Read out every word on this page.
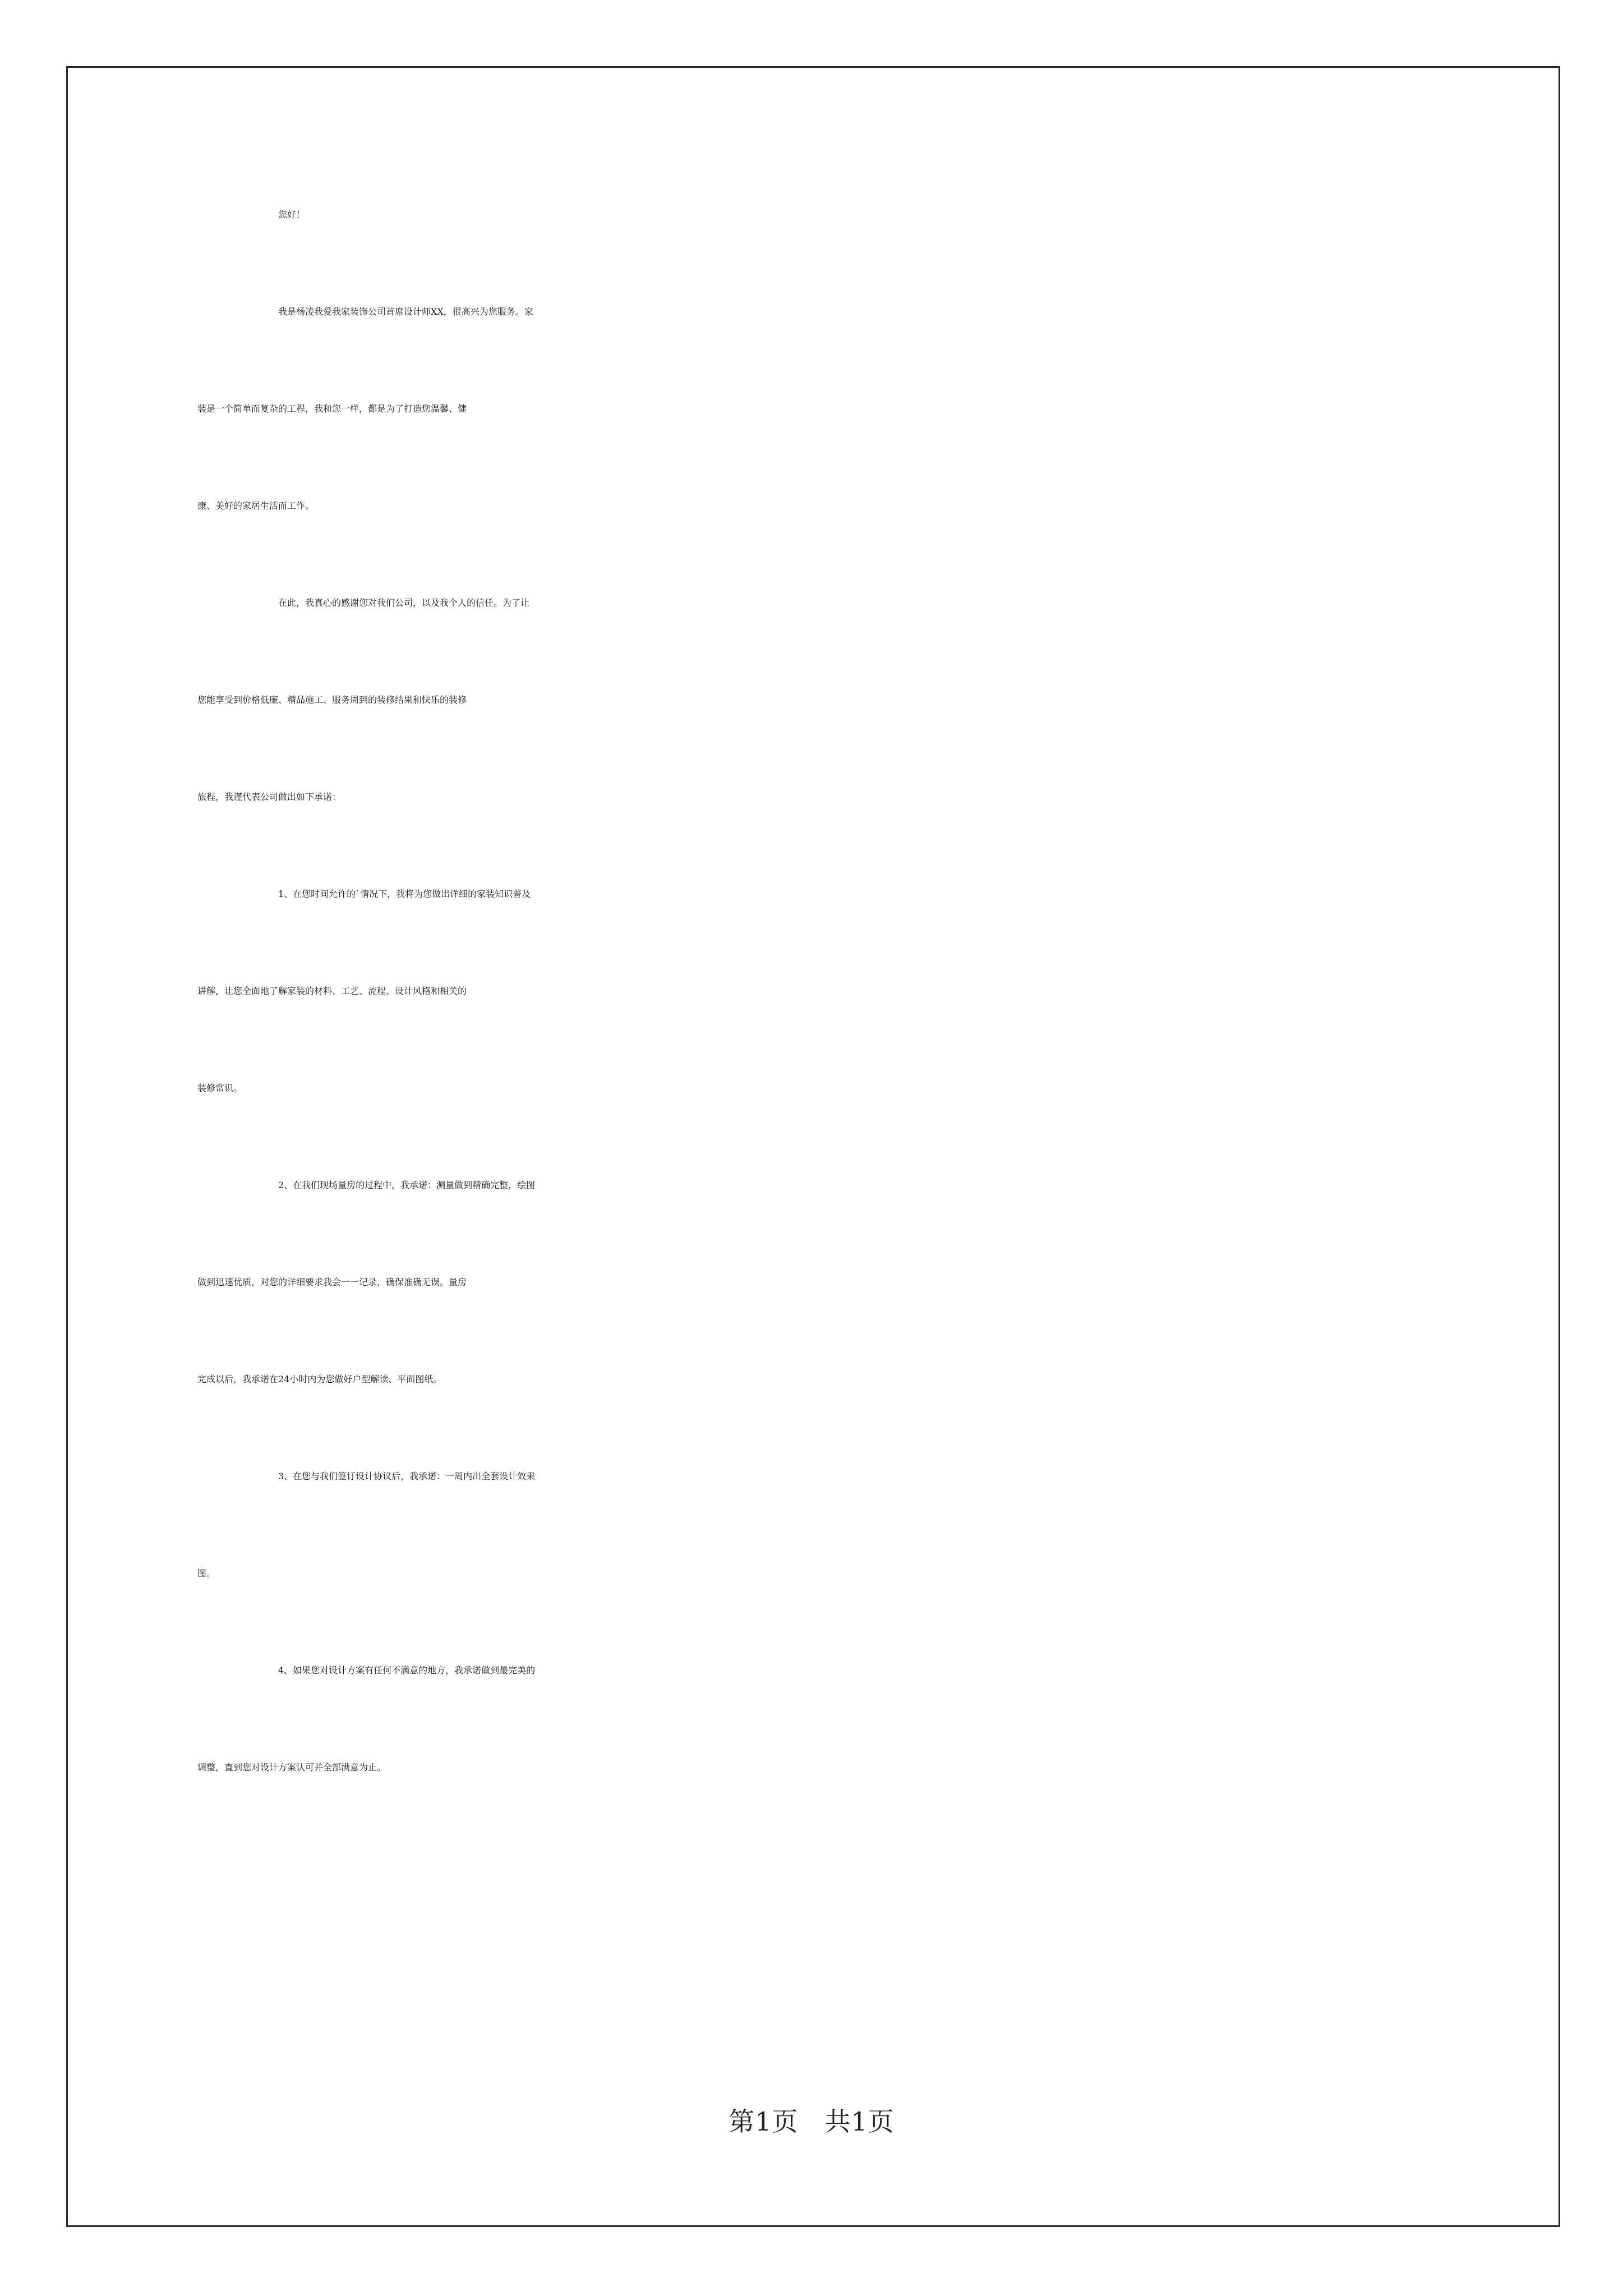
您好！
我是杨凌我爱我家装饰公司首席设计师XX，很高兴为您服务。家
装是一个简单而复杂的工程，我和您一样，都是为了打造您温馨、健
康、美好的家居生活而工作。
在此，我真心的感谢您对我们公司，以及我个人的信任。为了让
您能享受到价格低廉、精品施工、服务周到的装修结果和快乐的装修
旅程，我谨代表公司做出如下承诺：
1、在您时间允许的`情况下，我将为您做出详细的家装知识普及
讲解，让您全面地了解家装的材料、工艺、流程、设计风格和相关的
装修常识。
2、在我们现场量房的过程中，我承诺：测量做到精确完整，绘图
做到迅速优质，对您的详细要求我会一一记录，确保准确无误。量房
完成以后，我承诺在24小时内为您做好户型解读、平面图纸。
3、在您与我们签订设计协议后，我承诺：一周内出全套设计效果
图。
4、如果您对设计方案有任何不满意的地方，我承诺做到最完美的
调整，直到您对设计方案认可并全部满意为止。
第1页　共1页
